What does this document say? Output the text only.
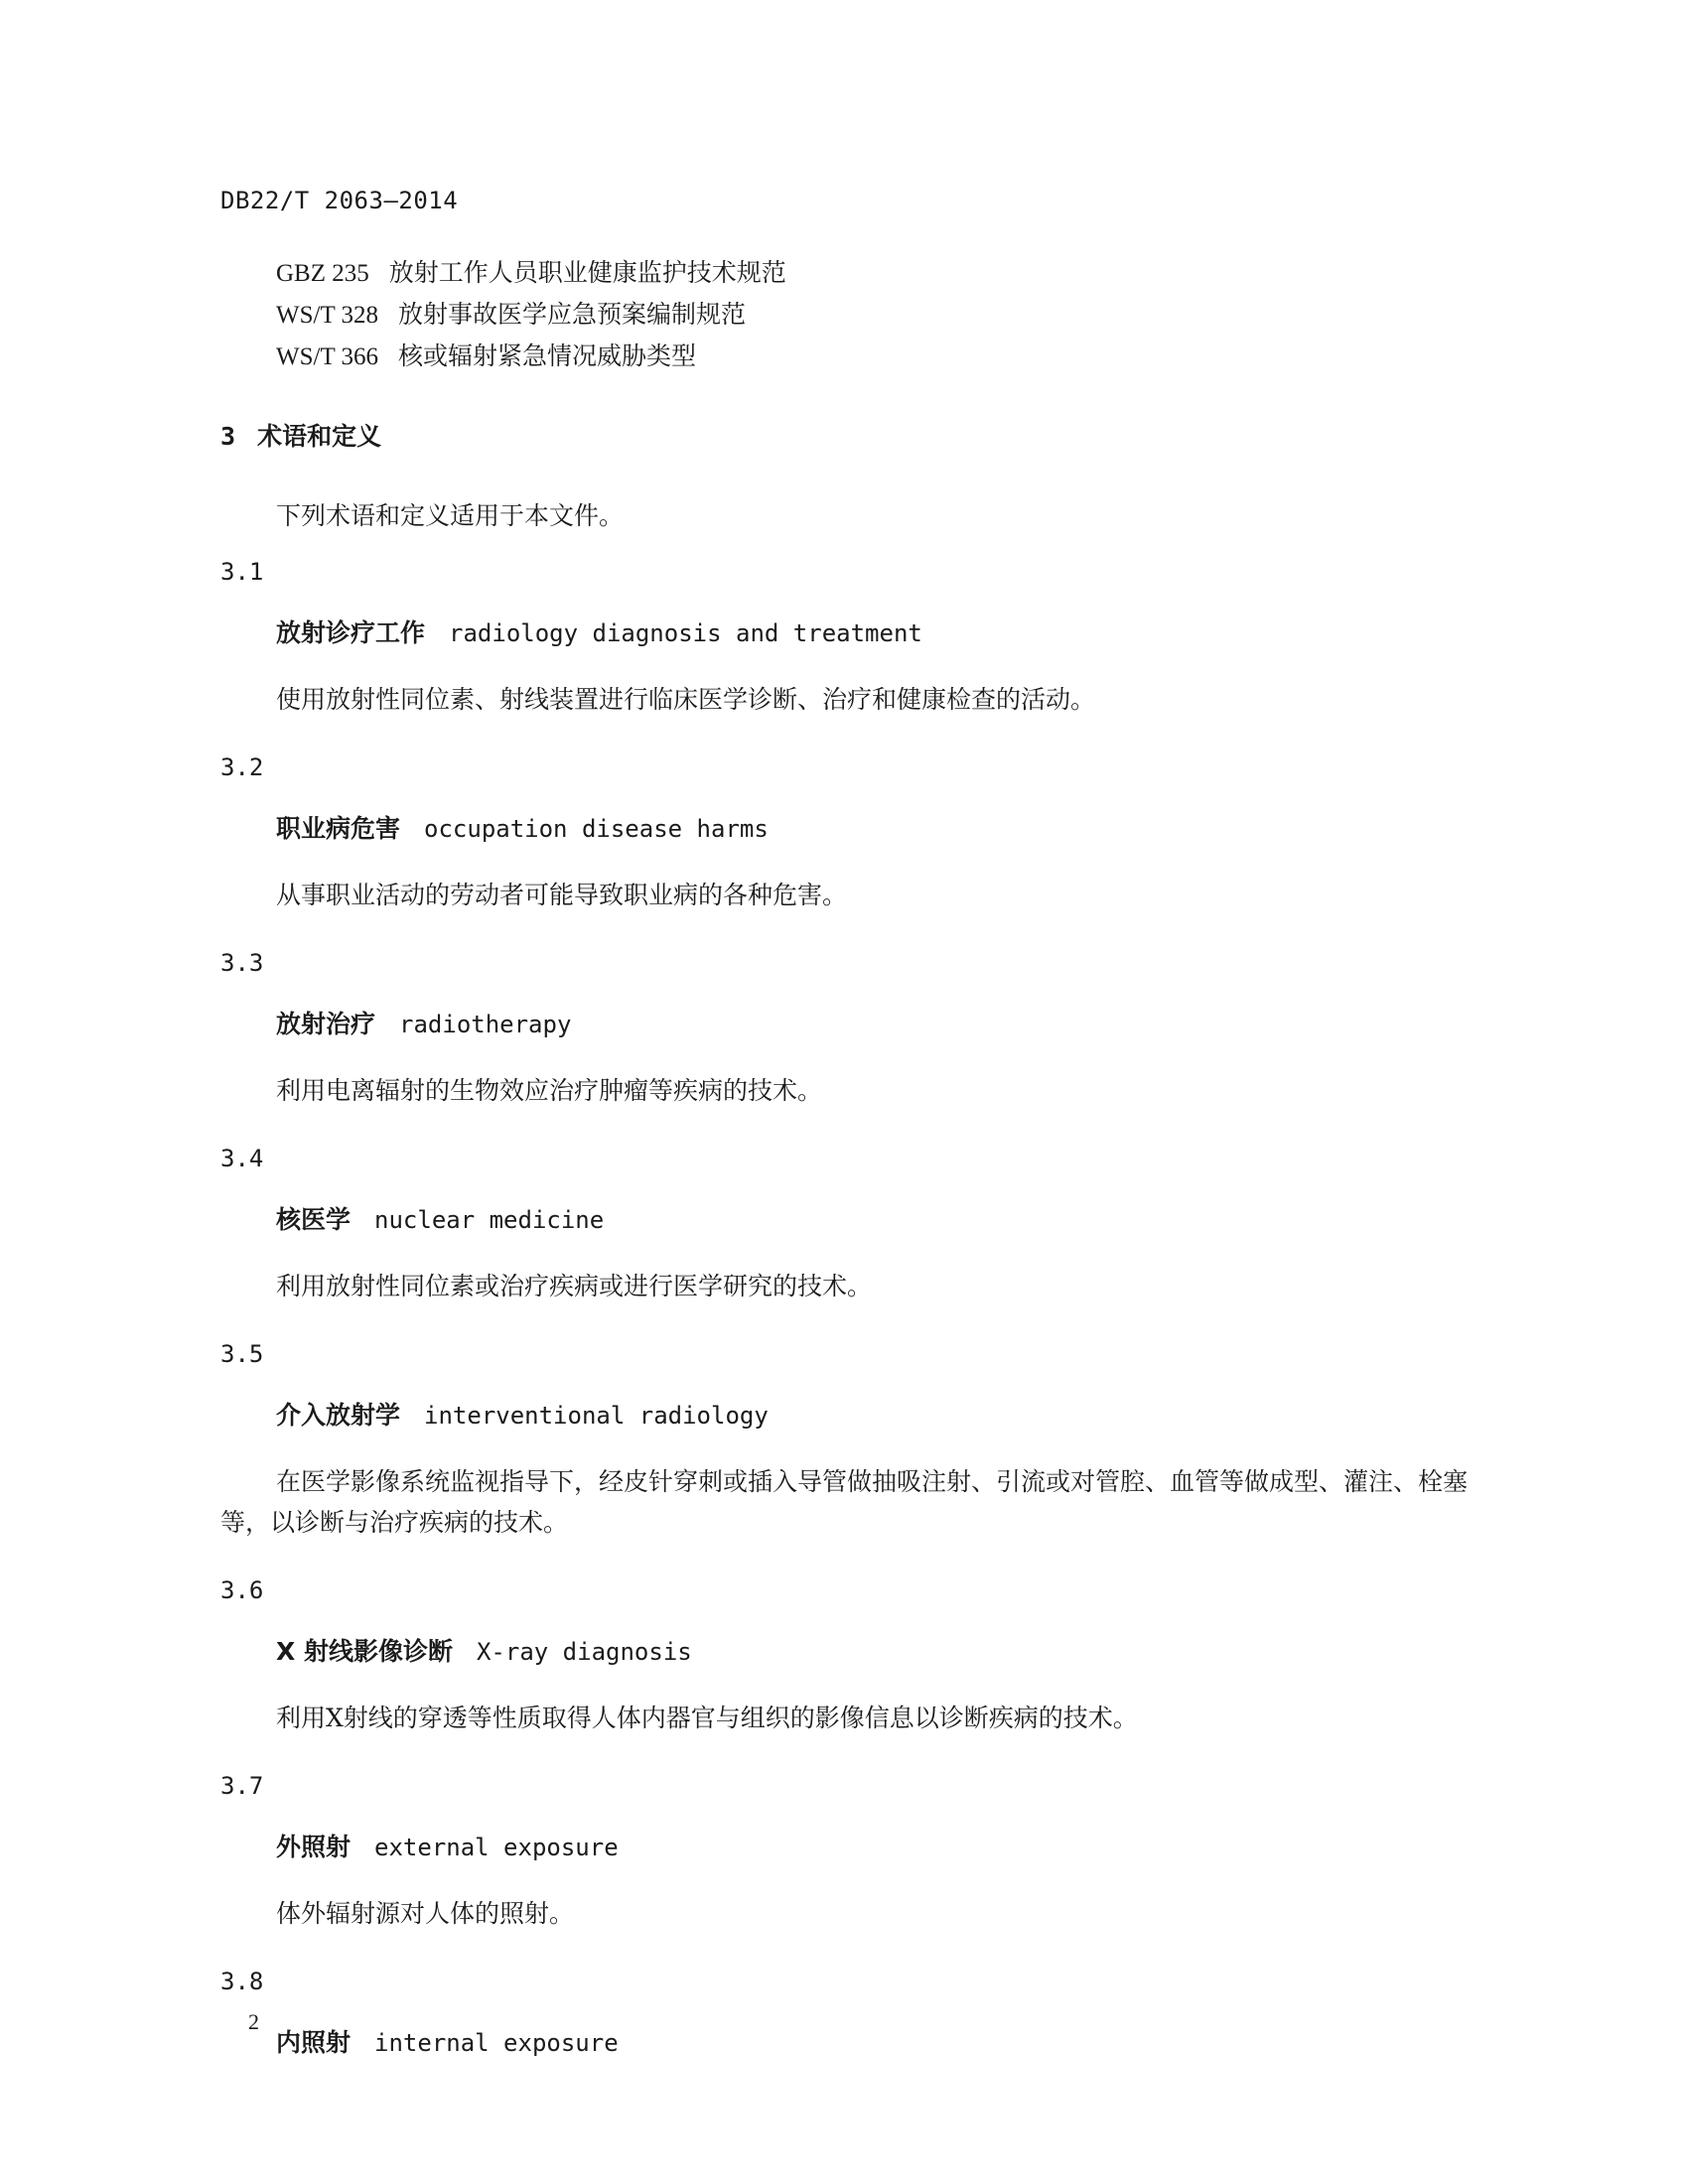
DB22/T 2063—2014
GBZ 235 放射工作人员职业健康监护技术规范
WS/T 328 放射事故医学应急预案编制规范
WS/T 366 核或辐射紧急情况威胁类型
3 术语和定义
下列术语和定义适用于本文件。
3.1
放射诊疗工作 radiology diagnosis and treatment

使用放射性同位素、射线装置进行临床医学诊断、治疗和健康检查的活动。

3.2
职业病危害 occupation disease harms

从事职业活动的劳动者可能导致职业病的各种危害。

3.3
放射治疗 radiotherapy

利用电离辐射的生物效应治疗肿瘤等疾病的技术。

3.4
核医学 nuclear medicine

利用放射性同位素或治疗疾病或进行医学研究的技术。

3.5
介入放射学 interventional radiology

在医学影像系统监视指导下，经皮针穿刺或插入导管做抽吸注射、引流或对管腔、血管等做成型、灌注、栓塞等，以诊断与治疗疾病的技术。

3.6
X 射线影像诊断 X-ray diagnosis

利用X射线的穿透等性质取得人体内器官与组织的影像信息以诊断疾病的技术。

3.7
外照射 external exposure

体外辐射源对人体的照射。

3.8
内照射 internal exposure
2
